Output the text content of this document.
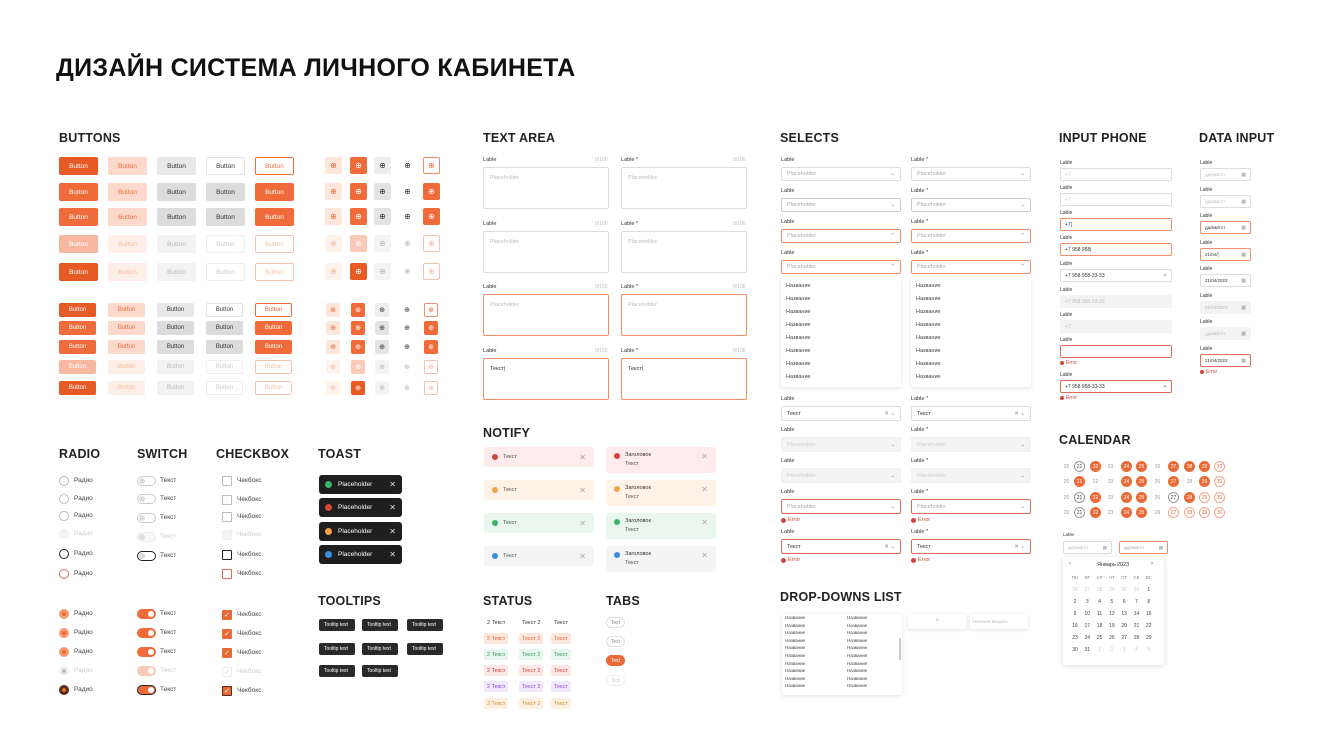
ДИЗАЙН СИСТЕМА ЛИЧНОГО КАБИНЕТА
BUTTONS	TEXT AREA	SELECTS	INPUT PHONE	DATA INPUT
RADIO	SWITCH CHECKBOX TOAST
NOTIFY
TOOLTIPS	STATUS	TABS
CALENDAR
DROP-DOWNS LIST
Button	Button	Button	Button	Button
Button	Button	Button	Button	Button
Button	Button	Button	Button	Button
Button	Button	Button	Button	Button
Button	Button	Button	Button	Button
Button	Button	Button	Button	Button
Button	Button	Button	Button	Button
Button	Button	Button	Button	Button
Button	Button	Button	Button	Button
Button	Button	Button	Button	Button
⊕	⊕	⊕	⊕	⊕
⊕	⊕	⊕	⊕	⊕
⊕	⊕	⊕	⊕	⊕
⊕	⊕	⊕	⊕	⊕
⊕	⊕	⊕	⊕	⊕
⊕	⊕	⊕	⊕	⊕
⊕	⊕	⊕	⊕	⊕
⊕	⊕	⊕	⊕	⊕
⊕	⊕	⊕	⊕	⊕
⊕	⊕	⊕	⊕	⊕
Lable	0/100
Placeholder
Lable *	0/100
Placeholder
Lable	0/100
Placeholder
Lable *	0/100
Placeholder
Lable	0/100
Placeholder
Lable *	0/100
Placeholder
Lable	0/100
Текст|
Lable *	0/100
Текст|
Lable
Placeholder	⌄
Lable *
Placeholder	⌄
Lable
Placeholder	⌄
Lable *
Placeholder	⌄
Lable
Placeholder	⌃
Lable *
Placeholder	⌃
Lable
Placeholder	⌃
Lable *
Placeholder	⌃
Название
Название
Название
Название
Название
Название
Название
Название
Название
Название
Название
Название
Название
Название
Название
Название
Lable
Текст	✕ ⌄
Lable *
Текст	✕ ⌄
Lable
Placeholder	⌄
Lable *
Placeholder	⌄
Lable
Placeholder	⌄
Lable *
Placeholder	⌄
Lable
Placeholder	⌄
Error
Lable *
Placeholder	⌄
Error
Lable
Текст	✕ ⌄
Error
Lable *
Текст	✕ ⌄
Error
Lable
+7
Lable
+7
Lable
+7|
Lable
+7 958 958|
Lable
+7 958 958-33-33	✕
Lable
+7 958 958-33-33
Lable
+7
Lable
Error
Lable
+7 958 958-33-33	✕
Error
Lable
дд/мм/гггг	▦
Lable
дд/мм/гггг	▦
Lable
дд/мм/гггг	▦
Lable
21/04/|	▦
Lable
21/04/2023	▦
Lable
21/04/2023	▦
Lable
дд/мм/гггг	▦
Lable
21/04/2023	▦
Error
Радио
Радио
Радио
Радио
Радио
Радио
Радио
Радио
Радио
Радио
Радио
Текст
Текст
Текст
Текст
Текст
Текст
Текст
Текст
Текст
Текст
Чекбокс
Чекбокс
Чекбокс
Чекбокс
Чекбокс
Чекбокс
✓	Чекбокс
✓	Чекбокс
✓	Чекбокс
✓	Чекбокс
✓	Чекбокс
Placeholder ✕
Placeholder ✕
Placeholder ✕
Placeholder ✕
Текст	✕	Заголовок
Текст
✕
Текст	✕	Заголовок
Текст
✕
Текст	✕	Заголовок
Текст
✕
Текст	✕	Заголовок
Текст
✕
Tooltip text	Tooltip text	Tooltip text
Tooltip text	Tooltip text	Tooltip text
Tooltip text	Tooltip text
2 Текст	Текст 2	Текст
2 Текст	Текст 2	Текст
2 Текст	Текст 2	Текст
2 Текст	Текст 2	Текст
2 Текст	Текст 2	Текст
2 Текст	Текст 2	Текст
Text
Text
Text
Text
20	21	22	23	24	25	26	27	28	29	30
20	21	22	23	24	25	26	27	28	29	30
20	21	22	23	24	25	26	27	28	29	30
20	21	22	23	24	25	26	27	28	29	30
Lable
дд/мм/гггг	▦	дд/мм/гггг	▦
‹	Январь 2023	›
ПН	ВТ	СР	ЧТ	ПТ	СБ	ВС
26	27	28	29	30	31	1
2	3	4	5	6	7	8
9	10	11	12	13	14	15
16	17	18	19	20	21	22
23	24	25	26	27	28	29
30	31	1	2	3	4	5
Название
Название
Название
Название
Название
Название
Название
Название
Название
Название
Название
Название
Название
Название
Название
Название
Название
Название
Название
Название
◔	Начните вводить
